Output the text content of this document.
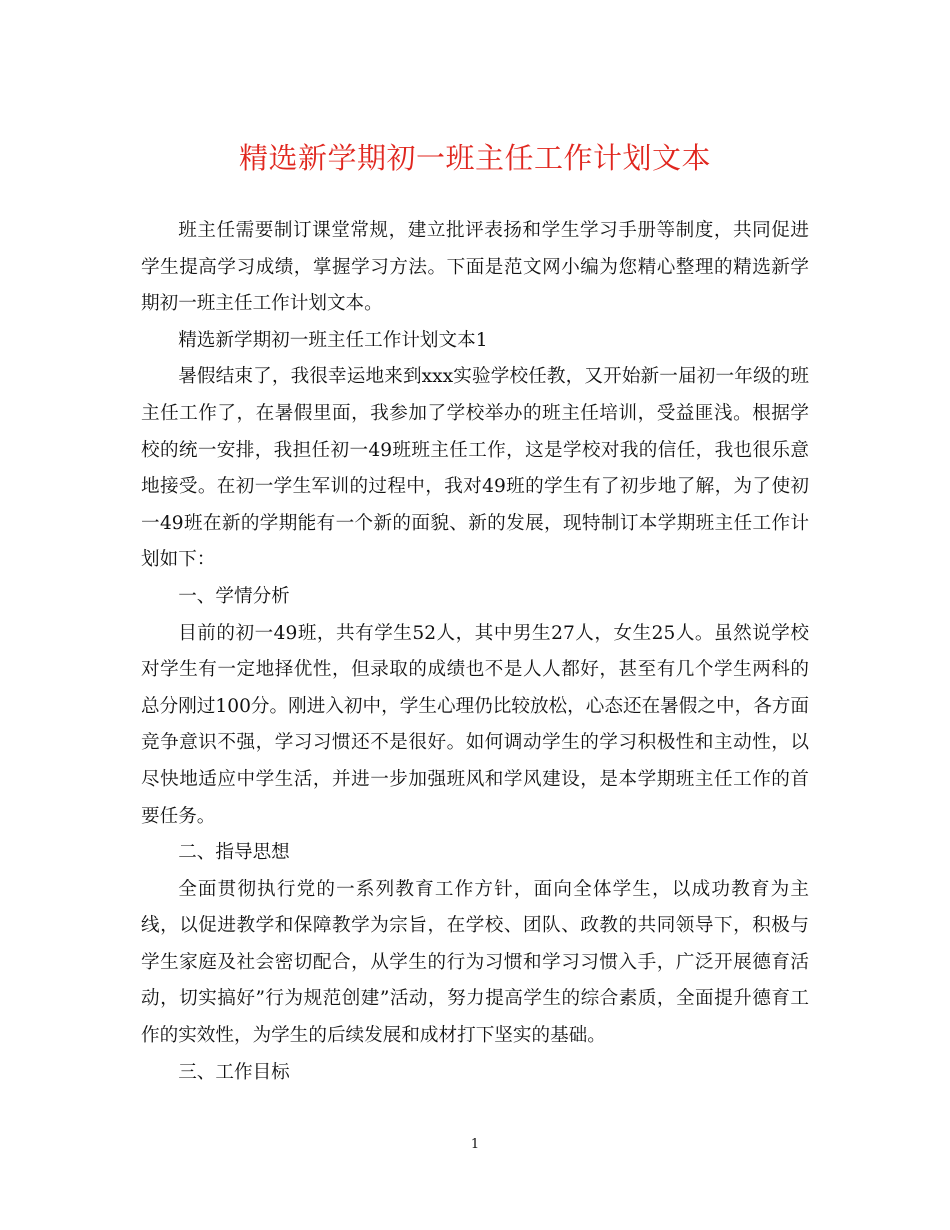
精选新学期初一班主任工作计划文本

班主任需要制订课堂常规，建立批评表扬和学生学习手册等制度，共同促进学生提高学习成绩，掌握学习方法。下面是范文网小编为您精心整理的精选新学期初一班主任工作计划文本。

精选新学期初一班主任工作计划文本1

暑假结束了，我很幸运地来到xxx实验学校任教，又开始新一届初一年级的班主任工作了，在暑假里面，我参加了学校举办的班主任培训，受益匪浅。根据学校的统一安排，我担任初一49班班主任工作，这是学校对我的信任，我也很乐意地接受。在初一学生军训的过程中，我对49班的学生有了初步地了解，为了使初一49班在新的学期能有一个新的面貌、新的发展，现特制订本学期班主任工作计划如下：

一、学情分析

目前的初一49班，共有学生52人，其中男生27人，女生25人。虽然说学校对学生有一定地择优性，但录取的成绩也不是人人都好，甚至有几个学生两科的总分刚过100分。刚进入初中，学生心理仍比较放松，心态还在暑假之中，各方面竞争意识不强，学习习惯还不是很好。如何调动学生的学习积极性和主动性，以尽快地适应中学生活，并进一步加强班风和学风建设，是本学期班主任工作的首要任务。

二、指导思想

全面贯彻执行党的一系列教育工作方针，面向全体学生，以成功教育为主线，以促进教学和保障教学为宗旨，在学校、团队、政教的共同领导下，积极与学生家庭及社会密切配合，从学生的行为习惯和学习习惯入手，广泛开展德育活动，切实搞好”行为规范创建”活动，努力提高学生的综合素质，全面提升德育工作的实效性，为学生的后续发展和成材打下坚实的基础。

三、工作目标

1
